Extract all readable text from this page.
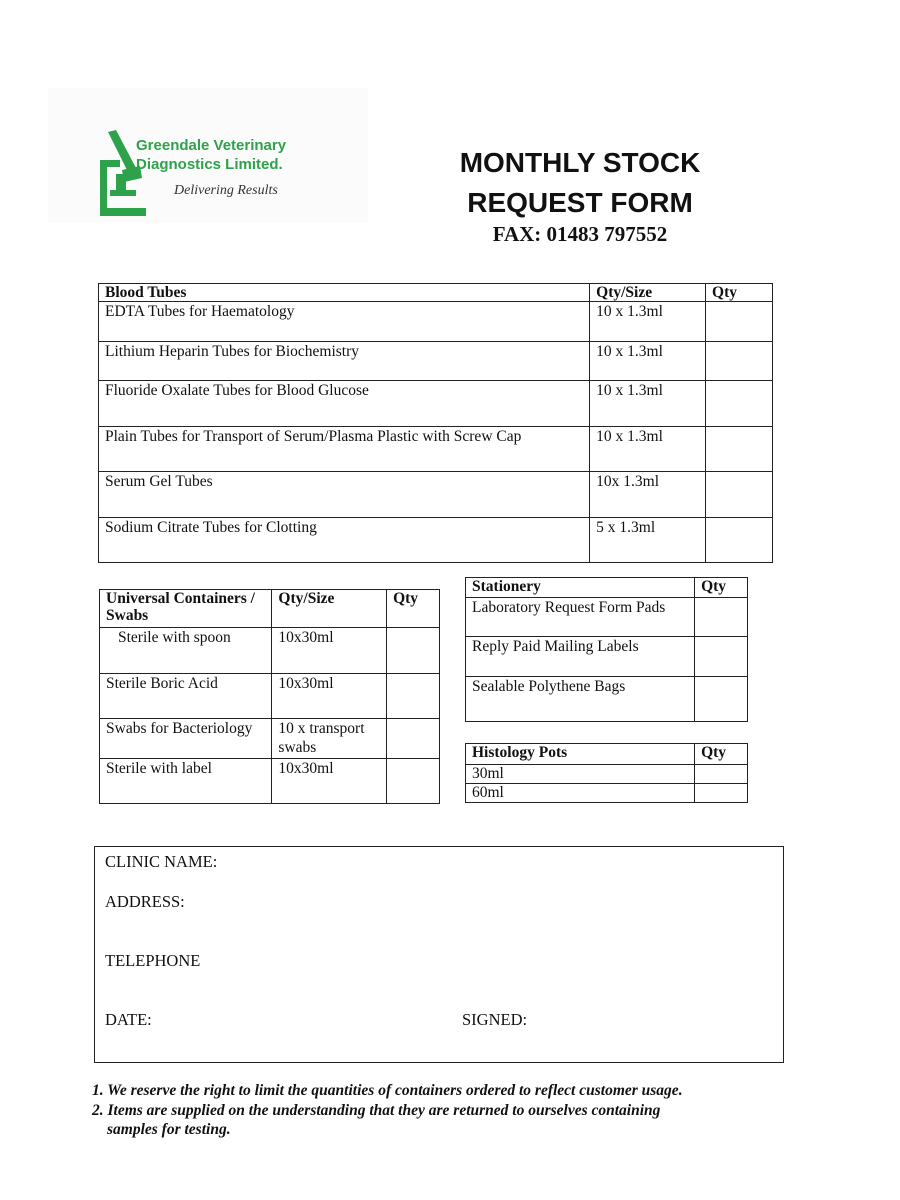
Greendale Veterinary
Diagnostics Limited.
Delivering Results
MONTHLY STOCK
REQUEST FORM
FAX: 01483 797552
Blood Tubes	Qty/Size	Qty
EDTA Tubes for Haematology	10 x 1.3ml	
Lithium Heparin Tubes for Biochemistry	10 x 1.3ml	
Fluoride Oxalate Tubes for Blood Glucose	10 x 1.3ml	
Plain Tubes for Transport of Serum/Plasma Plastic with Screw Cap	10 x 1.3ml	
Serum Gel Tubes	10x 1.3ml	
Sodium Citrate Tubes for Clotting	5 x 1.3ml	
Universal Containers / Swabs	Qty/Size	Qty
Sterile with spoon	10x30ml	
Sterile Boric Acid	10x30ml	
Swabs for Bacteriology	10 x transport swabs	
Sterile with label	10x30ml	
Stationery	Qty
Laboratory Request Form Pads	
Reply Paid Mailing Labels	
Sealable Polythene Bags	
Histology Pots	Qty
30ml	
60ml	
CLINIC NAME:
ADDRESS:
TELEPHONE
DATE:	SIGNED:
1. We reserve the right to limit the quantities of containers ordered to reflect customer usage.
2. Items are supplied on the understanding that they are returned to ourselves containing
samples for testing.
